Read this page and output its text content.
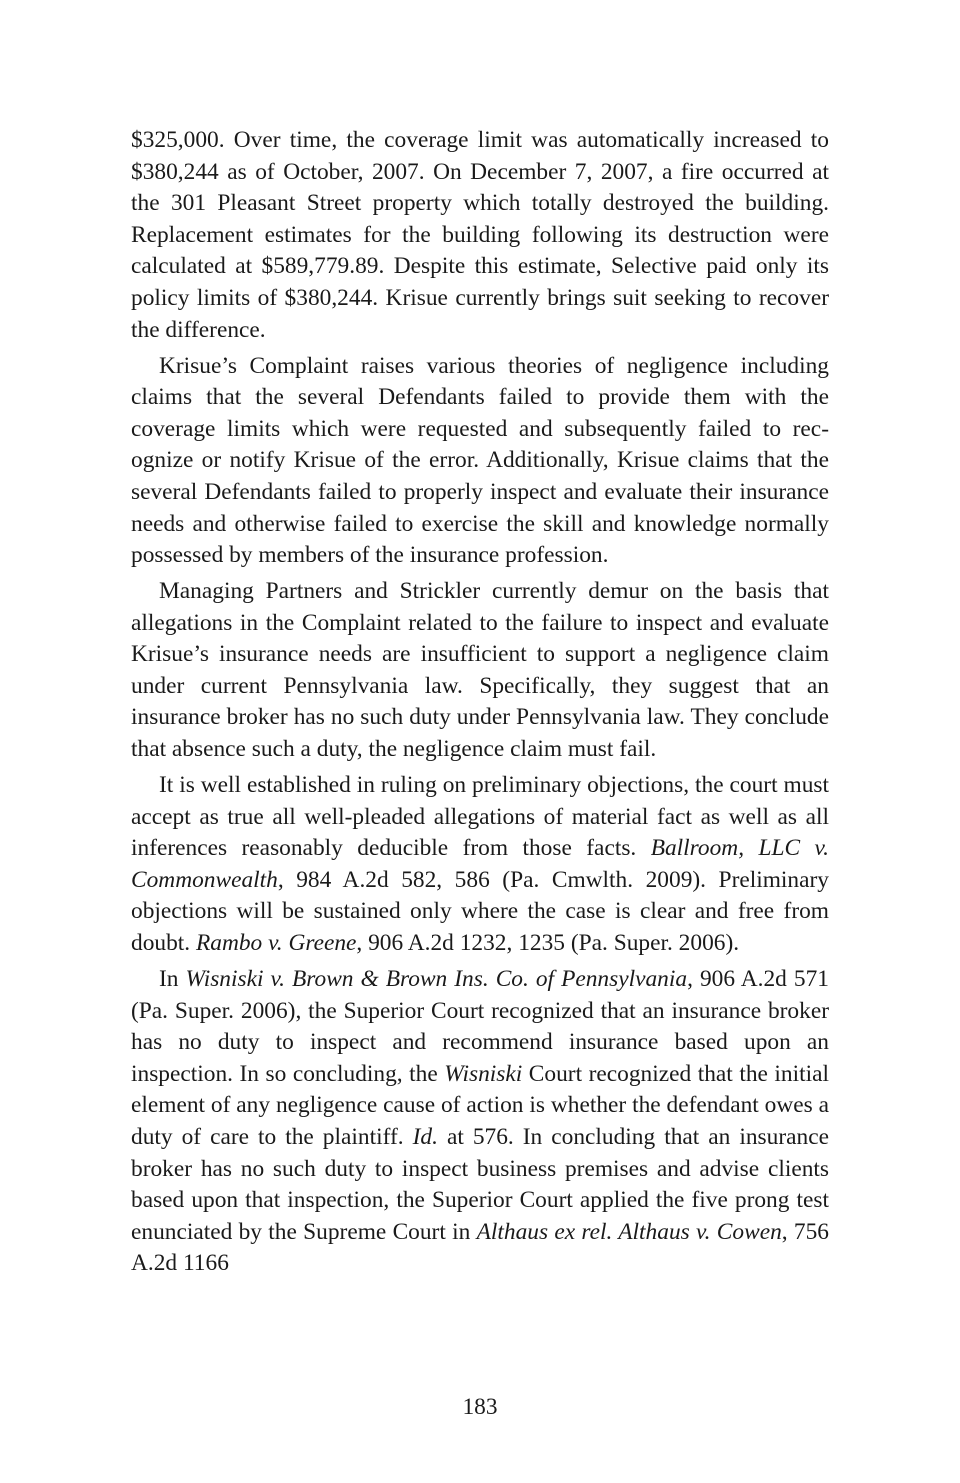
$325,000. Over time, the coverage limit was automatically increased to $380,244 as of October, 2007. On December 7, 2007, a fire occurred at the 301 Pleasant Street property which totally destroyed the building. Replacement estimates for the building following its destruction were calculated at $589,779.89. Despite this estimate, Selective paid only its policy limits of $380,244. Krisue currently brings suit seeking to recover the difference.

Krisue’s Complaint raises various theories of negligence including claims that the several Defendants failed to provide them with the coverage limits which were requested and subsequently failed to recognize or notify Krisue of the error. Additionally, Krisue claims that the several Defendants failed to properly inspect and evaluate their insurance needs and otherwise failed to exercise the skill and knowledge normally possessed by members of the insurance profession.

Managing Partners and Strickler currently demur on the basis that allegations in the Complaint related to the failure to inspect and evaluate Krisue’s insurance needs are insufficient to support a negligence claim under current Pennsylvania law. Specifically, they suggest that an insurance broker has no such duty under Pennsylvania law. They conclude that absence such a duty, the negligence claim must fail.

It is well established in ruling on preliminary objections, the court must accept as true all well-pleaded allegations of material fact as well as all inferences reasonably deducible from those facts. Ballroom, LLC v. Commonwealth, 984 A.2d 582, 586 (Pa. Cmwlth. 2009). Preliminary objections will be sustained only where the case is clear and free from doubt. Rambo v. Greene, 906 A.2d 1232, 1235 (Pa. Super. 2006).

In Wisniski v. Brown & Brown Ins. Co. of Pennsylvania, 906 A.2d 571 (Pa. Super. 2006), the Superior Court recognized that an insurance broker has no duty to inspect and recommend insurance based upon an inspection. In so concluding, the Wisniski Court recognized that the initial element of any negligence cause of action is whether the defendant owes a duty of care to the plaintiff. Id. at 576. In concluding that an insurance broker has no such duty to inspect business premises and advise clients based upon that inspection, the Superior Court applied the five prong test enunciated by the Supreme Court in Althaus ex rel. Althaus v. Cowen, 756 A.2d 1166

183
